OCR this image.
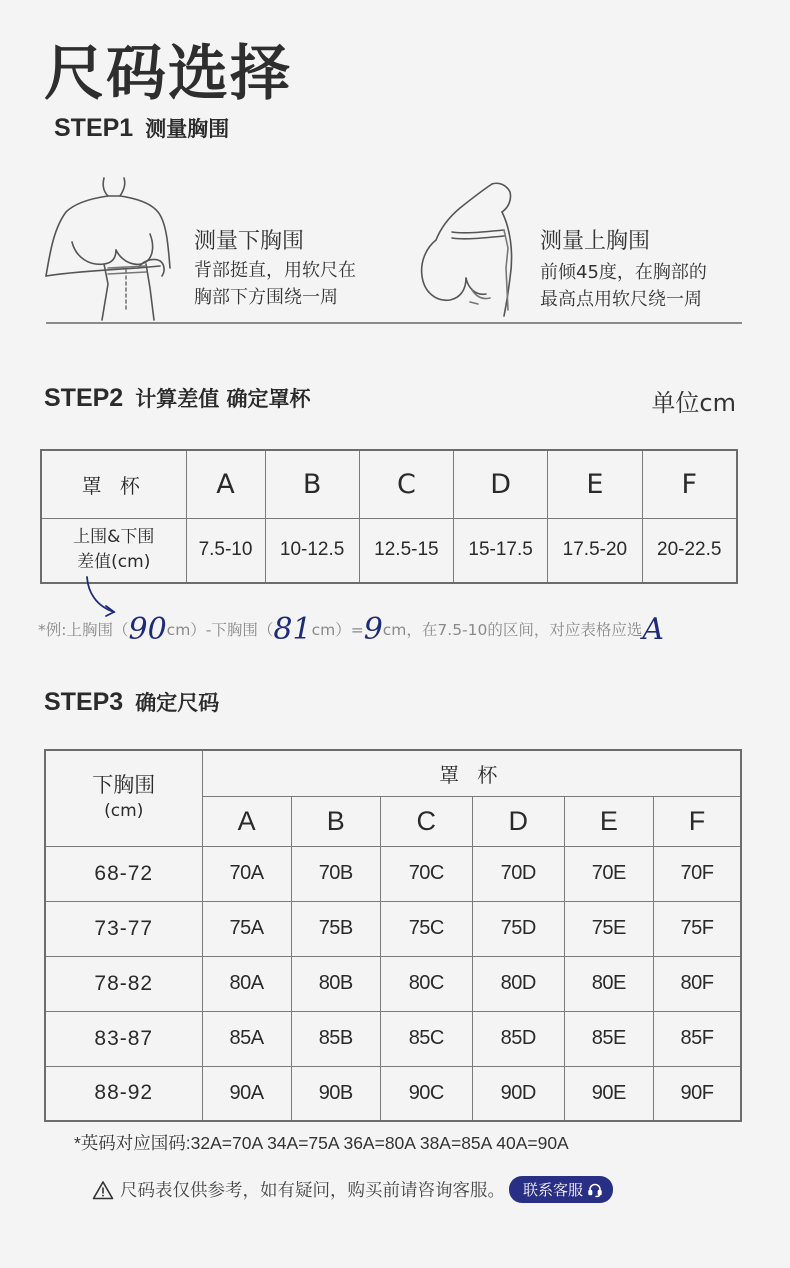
尺码选择
STEP1 测量胸围
测量下胸围
背部挺直，用软尺在
胸部下方围绕一周
测量上胸围
前倾45度，在胸部的
最高点用软尺绕一周
STEP2 计算差值 确定罩杯	单位cm
罩 杯	A	B	C	D	E	F

上围&下围
差值(cm)	7.5-10	10-12.5	12.5-15	15-17.5	17.5-20	20-22.5
*例:上胸围（90cm）-下胸围（81cm）=9cm，在7.5-10的区间，对应表格应选A
STEP3 确定尺码
下胸围
(cm)	罩 杯					
	A	B	C	D	E	F
68-72	70A	70B	70C	70D	70E	70F
73-77	75A	75B	75C	75D	75E	75F
78-82	80A	80B	80C	80D	80E	80F
83-87	85A	85B	85C	85D	85E	85F
88-92	90A	90B	90C	90D	90E	90F
*英码对应国码:32A=70A 34A=75A 36A=80A 38A=85A 40A=90A
尺码表仅供参考，如有疑问，购买前请咨询客服。 联系客服
